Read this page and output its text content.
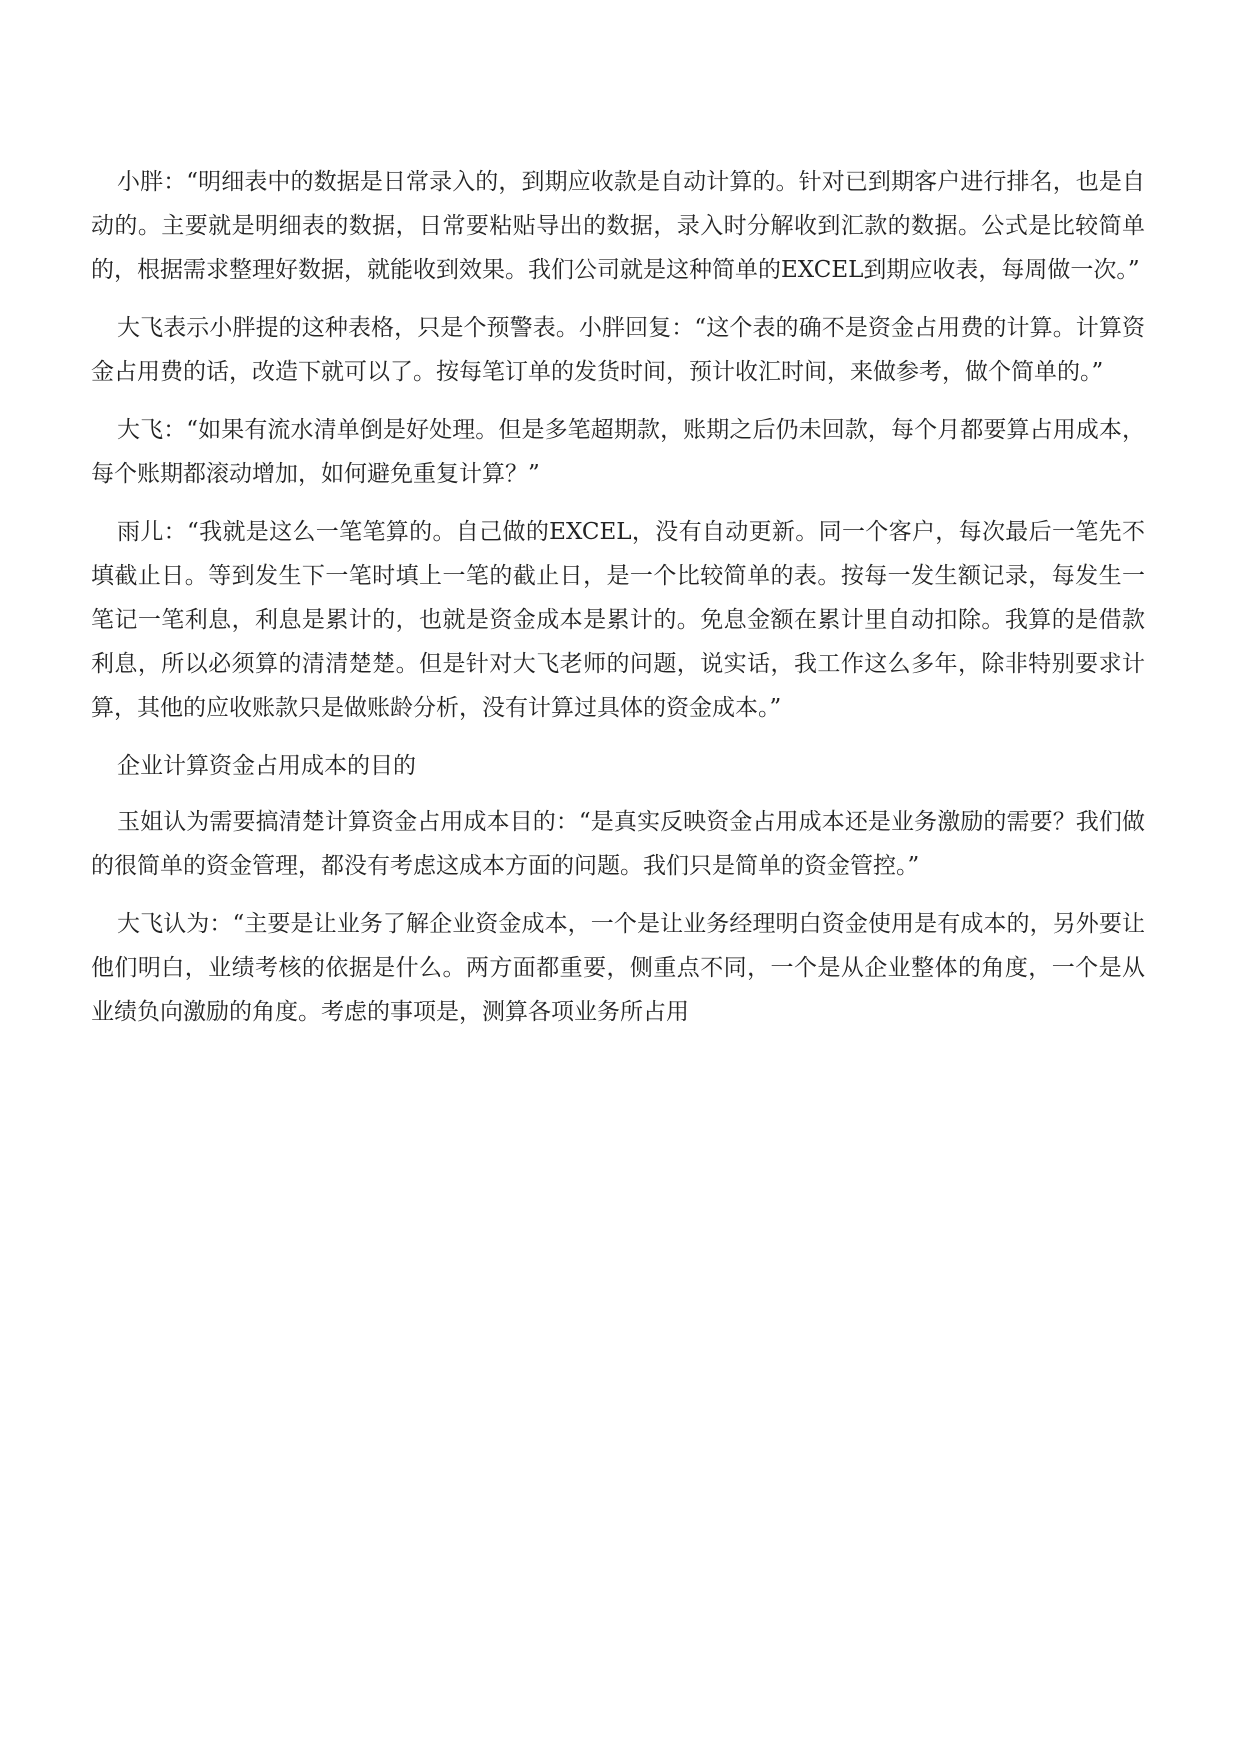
小胖：“明细表中的数据是日常录入的，到期应收款是自动计算的。针对已到期客户进行排名，也是自动的。主要就是明细表的数据，日常要粘贴导出的数据，录入时分解收到汇款的数据。公式是比较简单的，根据需求整理好数据，就能收到效果。我们公司就是这种简单的EXCEL到期应收表，每周做一次。”

大飞表示小胖提的这种表格，只是个预警表。小胖回复：“这个表的确不是资金占用费的计算。计算资金占用费的话，改造下就可以了。按每笔订单的发货时间，预计收汇时间，来做参考，做个简单的。”

大飞：“如果有流水清单倒是好处理。但是多笔超期款，账期之后仍未回款，每个月都要算占用成本，每个账期都滚动增加，如何避免重复计算？”

雨儿：“我就是这么一笔笔算的。自己做的EXCEL，没有自动更新。同一个客户，每次最后一笔先不填截止日。等到发生下一笔时填上一笔的截止日，是一个比较简单的表。按每一发生额记录，每发生一笔记一笔利息，利息是累计的，也就是资金成本是累计的。免息金额在累计里自动扣除。我算的是借款利息，所以必须算的清清楚楚。但是针对大飞老师的问题，说实话，我工作这么多年，除非特别要求计算，其他的应收账款只是做账龄分析，没有计算过具体的资金成本。”

企业计算资金占用成本的目的

玉姐认为需要搞清楚计算资金占用成本目的：“是真实反映资金占用成本还是业务激励的需要？我们做的很简单的资金管理，都没有考虑这成本方面的问题。我们只是简单的资金管控。”

大飞认为：“主要是让业务了解企业资金成本，一个是让业务经理明白资金使用是有成本的，另外要让他们明白，业绩考核的依据是什么。两方面都重要，侧重点不同，一个是从企业整体的角度，一个是从业绩负向激励的角度。考虑的事项是，测算各项业务所占用
